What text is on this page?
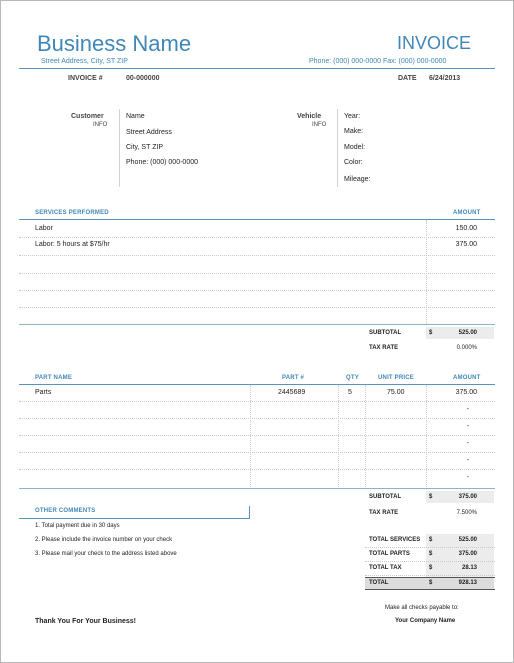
Business Name	INVOICE
Street Address, City, ST ZIP	Phone: (000) 000-0000 Fax: (000) 000-0000
INVOICE #	00-000000	DATE 6/24/2013
Customer
INFO
Name
Street Address
City, ST ZIP
Phone: (000) 000-0000
Vehicle
INFO
Year:
Make:
Model:
Color:
Mileage:
SERVICES PERFORMED	AMOUNT
Labor	150.00
Labor: 5 hours at $75/hr	375.00
SUBTOTAL	$	525.00
TAX RATE	0.000%
PART NAME	PART #	QTY	UNIT PRICE	AMOUNT
Parts	2445689	5	75.00	375.00
-
-
-
-
-
SUBTOTAL	$	375.00
TAX RATE	7.500%
OTHER COMMENTS
1. Total payment due in 30 days
2. Please include the invoice number on your check
3. Please mail your check to the address listed above
TOTAL SERVICES $	525.00
TOTAL PARTS	$	375.00
TOTAL TAX	$	28.13
TOTAL	$	928.13
Thank You For Your Business!
Make all checks payable to:
Your Company Name
